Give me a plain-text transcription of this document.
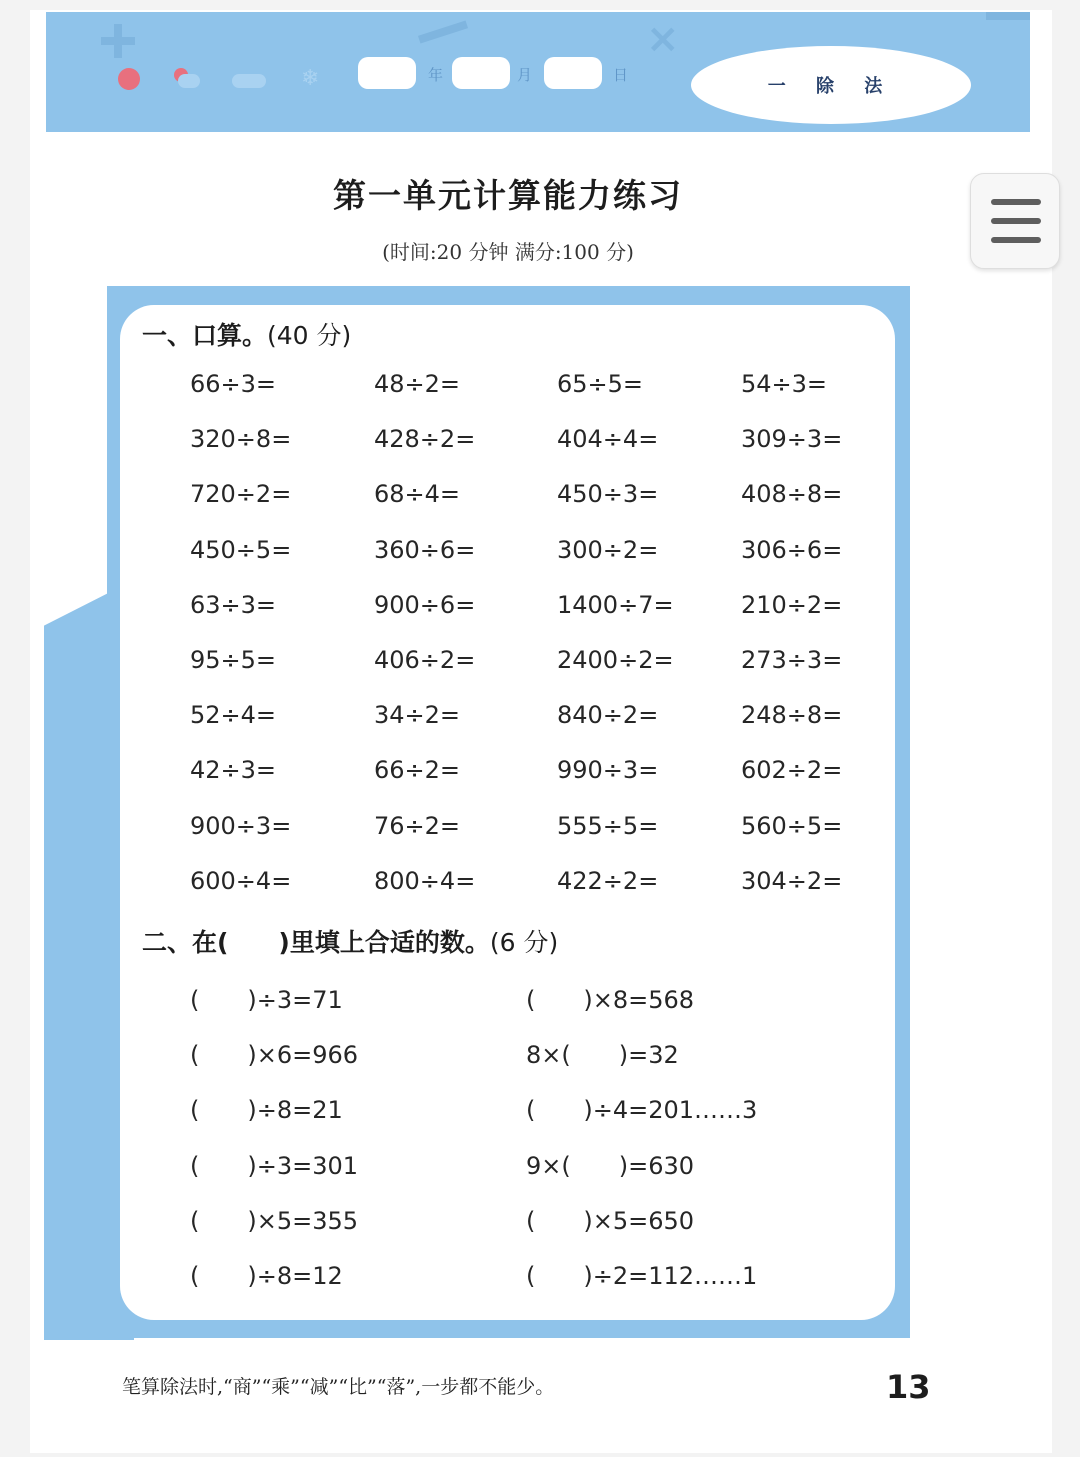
×
❄	年	月	日
一 除 法
第一单元计算能力练习
(时间:20 分钟 满分:100 分)
一、口算。(40 分)
66÷3=	48÷2=	65÷5=	54÷3=
320÷8=	428÷2=	404÷4=	309÷3=
720÷2=	68÷4=	450÷3=	408÷8=
450÷5=	360÷6=	300÷2=	306÷6=
63÷3=	900÷6=	1400÷7=	210÷2=
95÷5=	406÷2=	2400÷2=	273÷3=
52÷4=	34÷2=	840÷2=	248÷8=
42÷3=	66÷2=	990÷3=	602÷2=
900÷3=	76÷2=	555÷5=	560÷5=
600÷4=	800÷4=	422÷2=	304÷2=
二、在(　　)里填上合适的数。(6 分)
(　　)÷3=71	(　　)×8=568
(　　)×6=966	8×(　　)=32
(　　)÷8=21	(　　)÷4=201……3
(　　)÷3=301	9×(　　)=630
(　　)×5=355	(　　)×5=650
(　　)÷8=12	(　　)÷2=112……1
笔算除法时,“商”“乘”“减”“比”“落”,一步都不能少。	13
